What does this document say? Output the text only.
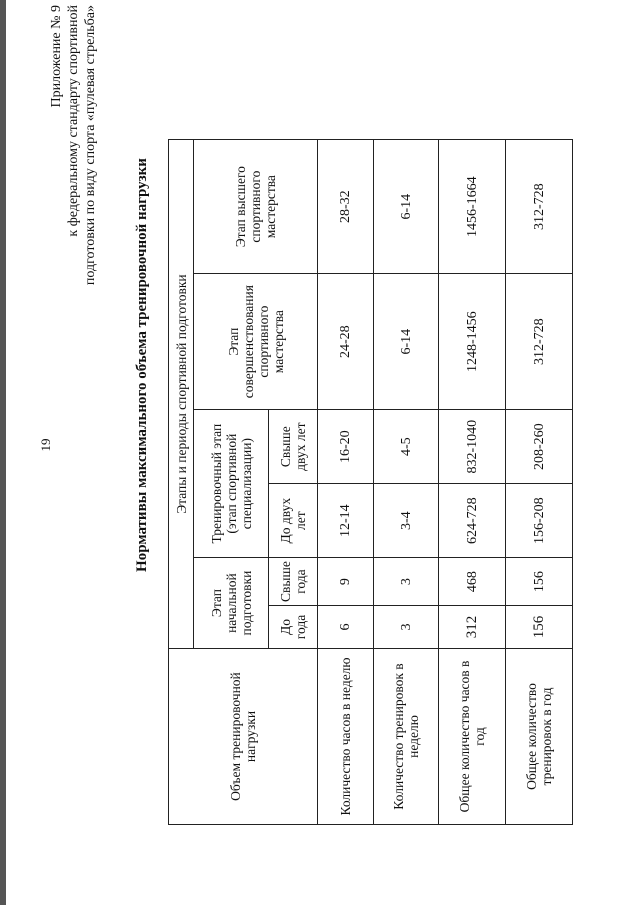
19
Приложение № 9 к федеральному стандарту спортивной подготовки по виду спорта «пулевая стрельба»
Нормативы максимального объема тренировочной нагрузки
Объем тренировочной нагрузки	Этапы и периоды спортивной подготовки					
	Этап начальной подготовки		Тренировочный этап (этап спортивной специализации)		Этап совершенствования спортивного мастерства	Этап высшего спортивного мастерства
	До года	Свыше года	До двух лет	Свыше двух лет		
Количество часов в неделю	6	9	12-14	16-20	24-28	28-32
Количество тренировок в неделю	3	3	3-4	4-5	6-14	6-14
Общее количество часов в год	312	468	624-728	832-1040	1248-1456	1456-1664
Общее количество тренировок в год	156	156	156-208	208-260	312-728	312-728
